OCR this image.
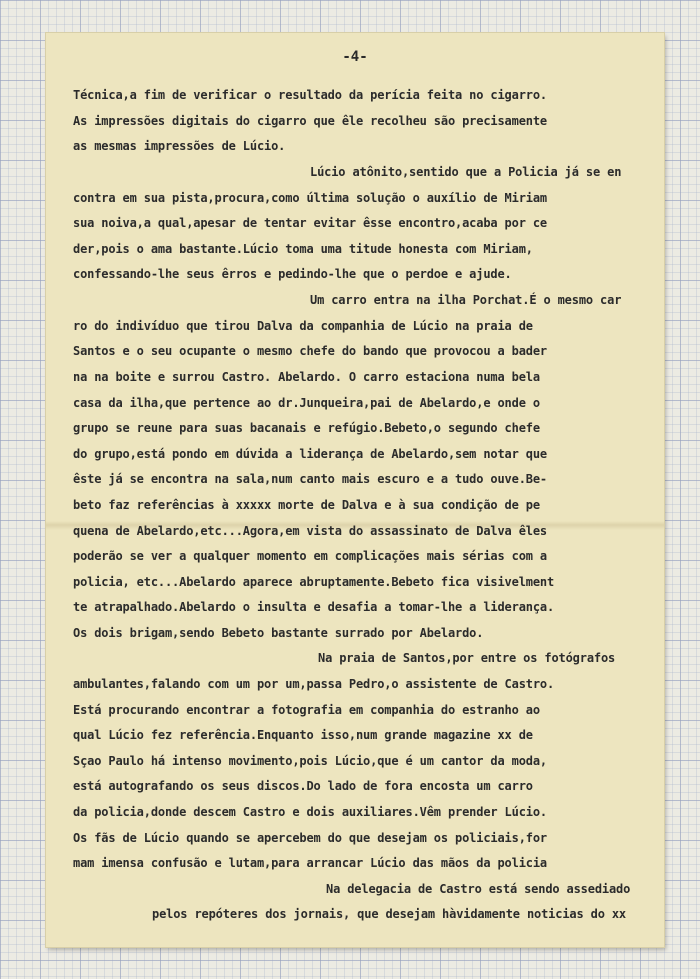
-4-
Técnica,a fim de verificar o resultado da perícia feita no cigarro.
As impressões digitais do cigarro que êle recolheu são precisamente
as mesmas impressões de Lúcio.
Lúcio atônito,sentido que a Policia já se en
contra em sua pista,procura,como última solução o auxílio de Miriam
sua noiva,a qual,apesar de tentar evitar êsse encontro,acaba por ce
der,pois o ama bastante.Lúcio toma uma titude honesta com Miriam,
confessando-lhe seus êrros e pedindo-lhe que o perdoe e ajude.
Um carro entra na ilha Porchat.É o mesmo car
ro do indivíduo que tirou Dalva da companhia de Lúcio na praia de
Santos e o seu ocupante o mesmo chefe do bando que provocou a bader
na na boite e surrou Castro. Abelardo. O carro estaciona numa bela
casa da ilha,que pertence ao dr.Junqueira,pai de Abelardo,e onde o
grupo se reune para suas bacanais e refúgio.Bebeto,o segundo chefe
do grupo,está pondo em dúvida a liderança de Abelardo,sem notar que
êste já se encontra na sala,num canto mais escuro e a tudo ouve.Be-
beto faz referências à xxxxx morte de Dalva e à sua condição de pe
quena de Abelardo,etc...Agora,em vista do assassinato de Dalva êles
poderão se ver a qualquer momento em complicações mais sérias com a
policia, etc...Abelardo aparece abruptamente.Bebeto fica visivelment
te atrapalhado.Abelardo o insulta e desafia a tomar-lhe a liderança.
Os dois brigam,sendo Bebeto bastante surrado por Abelardo.
Na praia de Santos,por entre os fotógrafos
ambulantes,falando com um por um,passa Pedro,o assistente de Castro.
Está procurando encontrar a fotografia em companhia do estranho ao
qual Lúcio fez referência.Enquanto isso,num grande magazine xx de
Sçao Paulo há intenso movimento,pois Lúcio,que é um cantor da moda,
está autografando os seus discos.Do lado de fora encosta um carro
da policia,donde descem Castro e dois auxiliares.Vêm prender Lúcio.
Os fãs de Lúcio quando se apercebem do que desejam os policiais,for
mam imensa confusão e lutam,para arrancar Lúcio das mãos da policia
Na delegacia de Castro está sendo assediado
pelos repóteres dos jornais, que desejam hàvidamente noticias do xx
